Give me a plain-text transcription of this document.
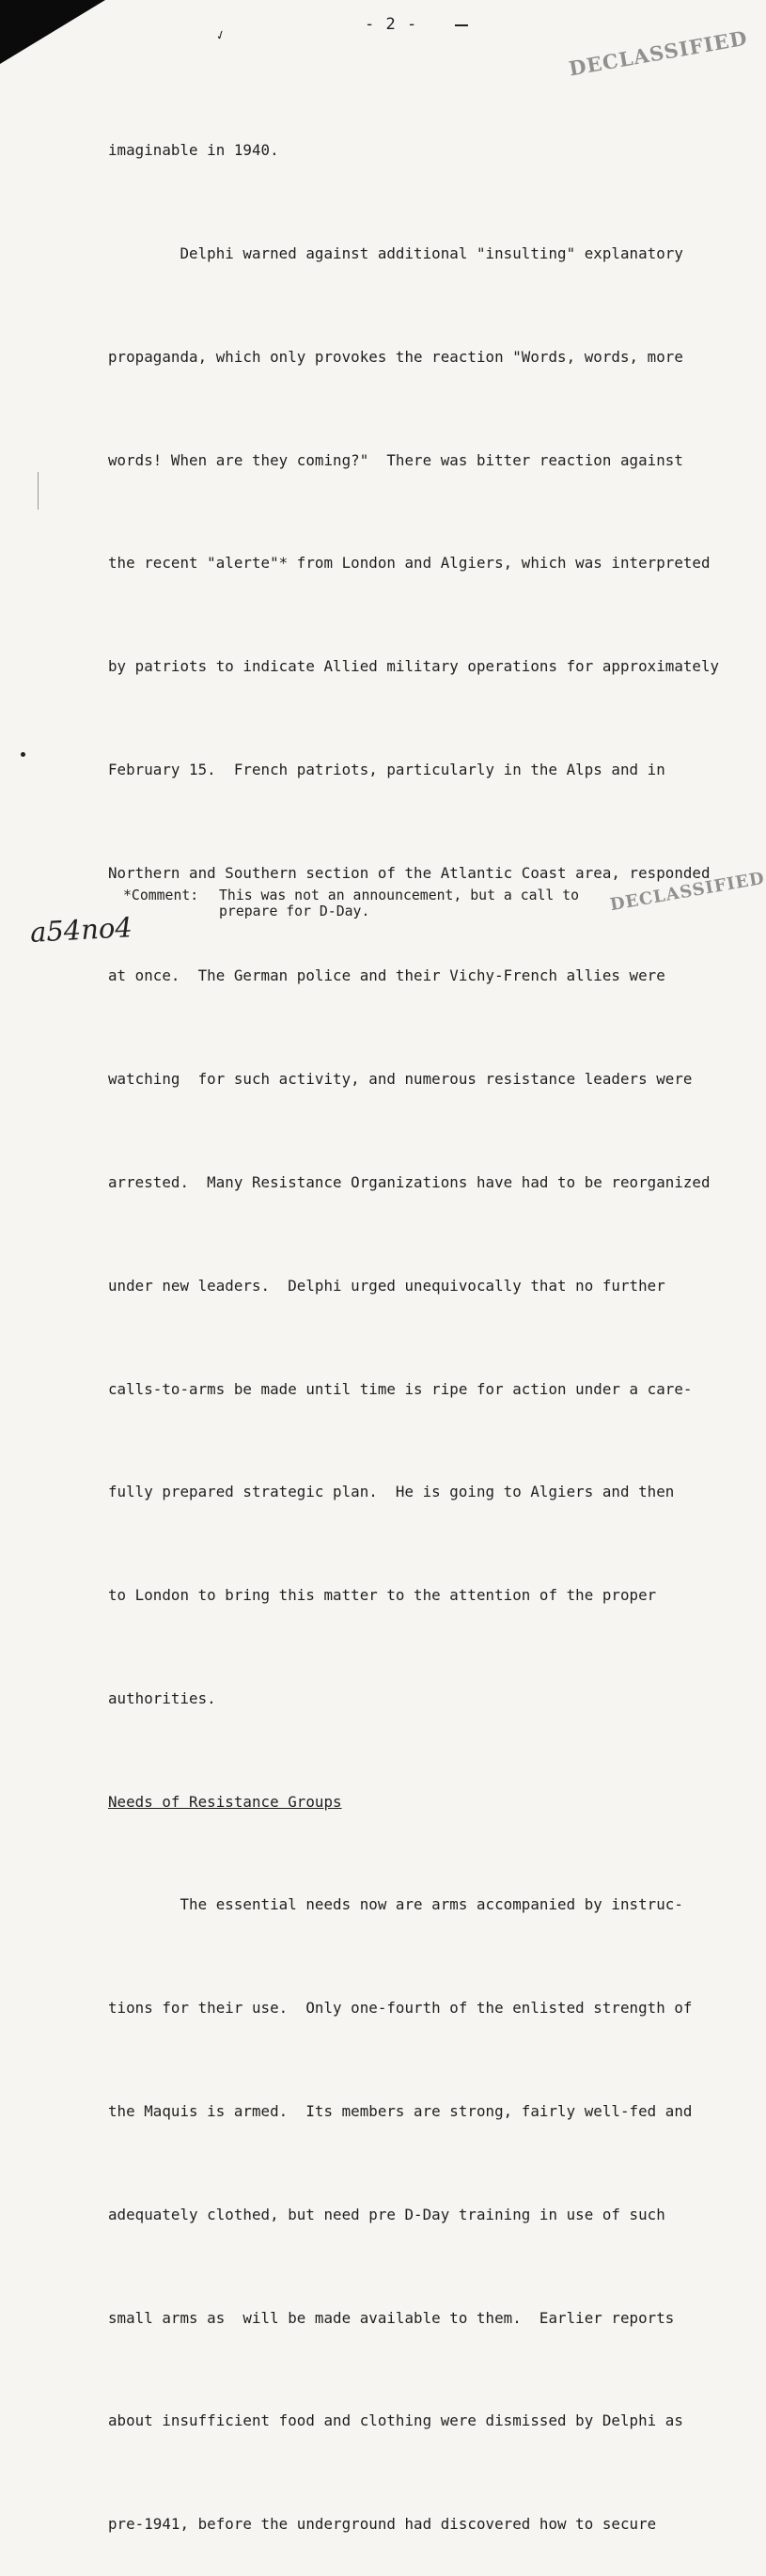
✓
- 2 -
DECLASSIFIED

imaginable in 1940.

Delphi warned against additional "insulting" explanatory

propaganda, which only provokes the reaction "Words, words, more

words! When are they coming?"  There was bitter reaction against

the recent "alerte"* from London and Algiers, which was interpreted

by patriots to indicate Allied military operations for approximately

February 15.  French patriots, particularly in the Alps and in

Northern and Southern section of the Atlantic Coast area, responded

at once.  The German police and their Vichy-French allies were

watching  for such activity, and numerous resistance leaders were

arrested.  Many Resistance Organizations have had to be reorganized

under new leaders.  Delphi urged unequivocally that no further

calls-to-arms be made until time is ripe for action under a care-

fully prepared strategic plan.  He is going to Algiers and then

to London to bring this matter to the attention of the proper

authorities.

Needs of Resistance Groups

The essential needs now are arms accompanied by instruc-

tions for their use.  Only one-fourth of the enlisted strength of

the Maquis is armed.  Its members are strong, fairly well-fed and

adequately clothed, but need pre D-Day training in use of such

small arms as  will be made available to them.  Earlier reports

about insufficient food and clothing were dismissed by Delphi as

pre-1941, before the underground had discovered how to secure

*Comment: This was not an announcement, but a call to
prepare for D-Day.	DECLASSIFIED
a54no4
